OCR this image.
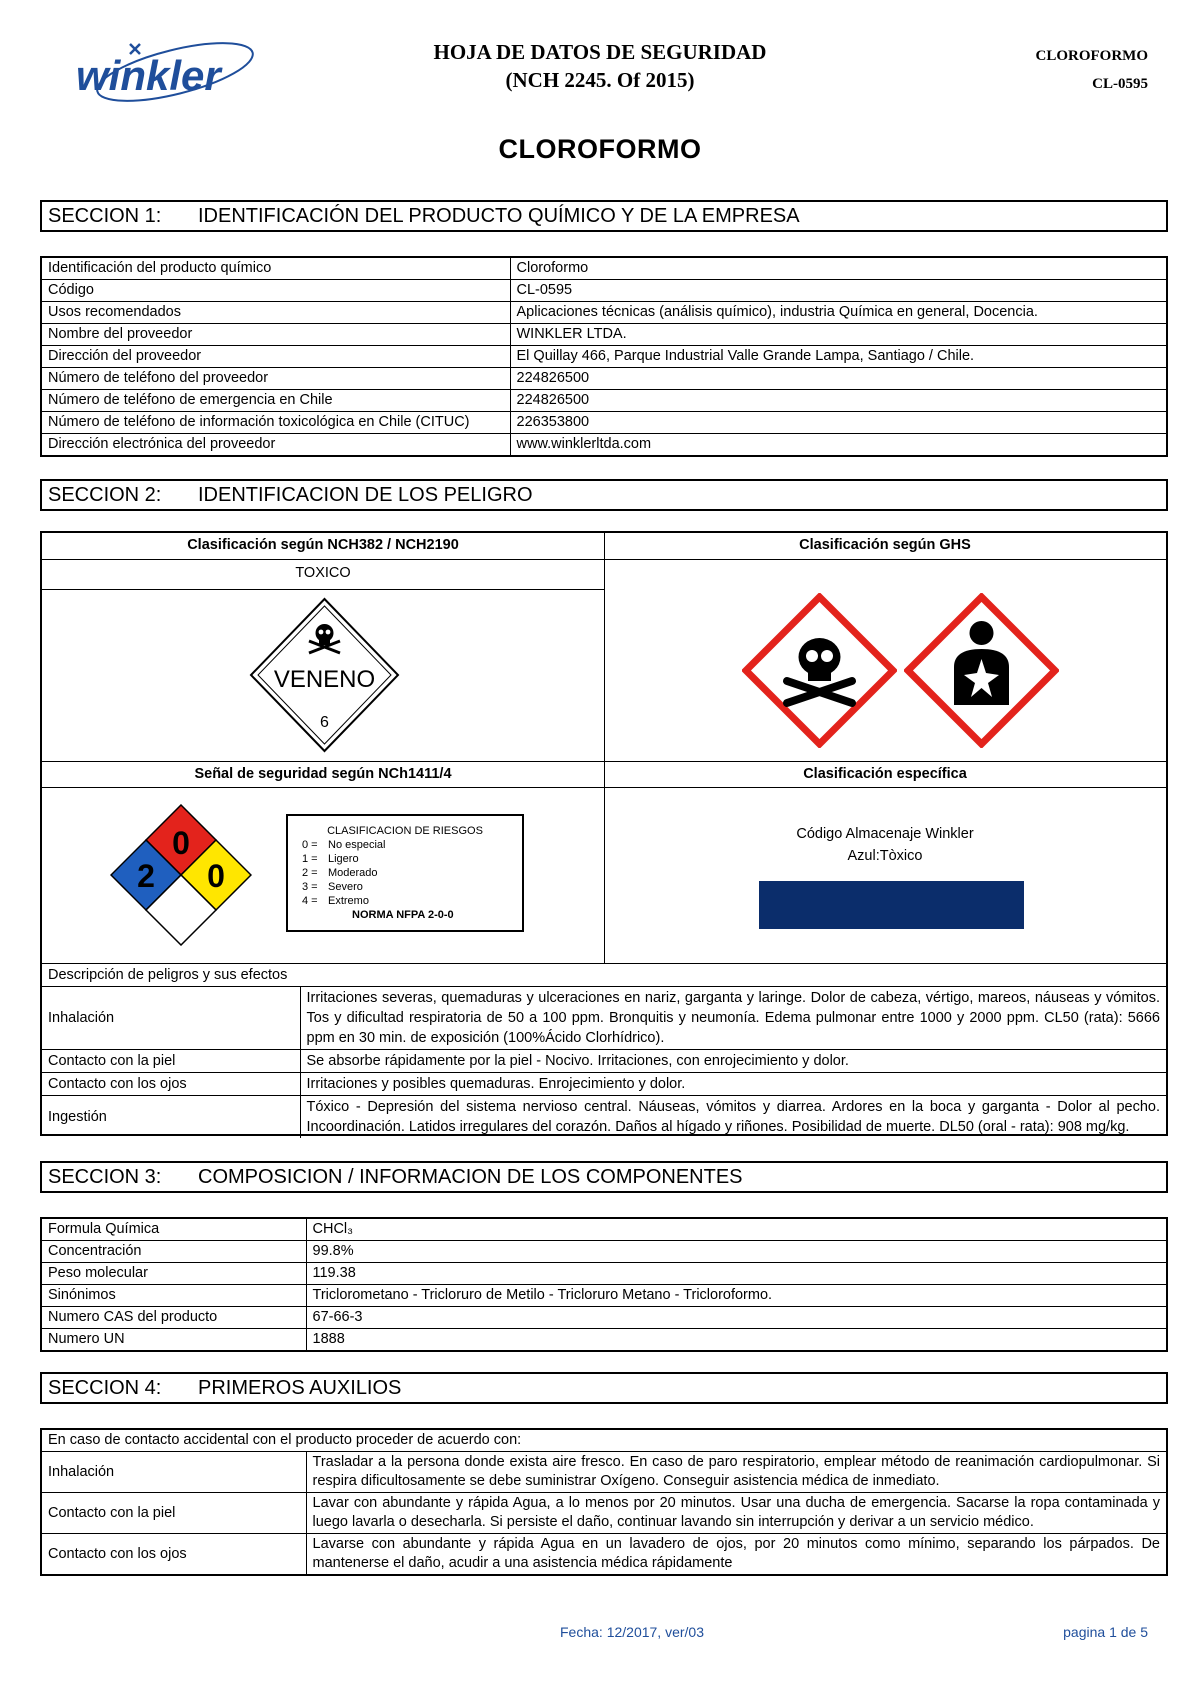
winkler	HOJA DE DATOS DE SEGURIDAD
(NCH 2245. Of 2015)
CLOROFORMO
CL-0595
CLOROFORMO
SECCION 1:	IDENTIFICACIÓN DEL PRODUCTO QUÍMICO Y DE LA EMPRESA
Identificación del producto químico	Cloroformo
Código	CL-0595
Usos recomendados	Aplicaciones técnicas (análisis químico), industria Química en general, Docencia.
Nombre del proveedor	WINKLER LTDA.
Dirección del proveedor	El Quillay 466, Parque Industrial Valle Grande Lampa, Santiago / Chile.
Número de teléfono del proveedor	224826500
Número de teléfono de emergencia en Chile	224826500
Número de teléfono de información toxicológica en Chile (CITUC)	226353800
Dirección electrónica del proveedor	www.winklerltda.com
SECCION 2:	IDENTIFICACION DE LOS PELIGRO
Clasificación según NCH382 / NCH2190
TOXICO
Clasificación según GHS
VENENO
6
Señal de seguridad según NCh1411/4	Clasificación específica
0
2 0
CLASIFICACION DE RIESGOS
0 = No especial
1 = Ligero
2 = Moderado
3 = Severo
4 = Extremo
NORMA NFPA 2-0-0
Código Almacenaje Winkler
Azul:Tòxico
Descripción de peligros y sus efectos	
Inhalación	Irritaciones severas, quemaduras y ulceraciones en nariz, garganta y laringe. Dolor de cabeza, vértigo, mareos, náuseas y vómitos. Tos y dificultad respiratoria de 50 a 100 ppm. Bronquitis y neumonía. Edema pulmonar entre 1000 y 2000 ppm. CL50 (rata): 5666 ppm en 30 min. de exposición (100%Ácido Clorhídrico).
Contacto con la piel	Se absorbe rápidamente por la piel - Nocivo. Irritaciones, con enrojecimiento y dolor.
Contacto con los ojos	Irritaciones y posibles quemaduras. Enrojecimiento y dolor.
Ingestión	Tóxico - Depresión del sistema nervioso central. Náuseas, vómitos y diarrea. Ardores en la boca y garganta - Dolor al pecho. Incoordinación. Latidos irregulares del corazón. Daños al hígado y riñones. Posibilidad de muerte. DL50 (oral - rata): 908 mg/kg.
SECCION 3:	COMPOSICION / INFORMACION DE LOS COMPONENTES
Formula Química	CHCl₃
Concentración	99.8%
Peso molecular	119.38
Sinónimos	Triclorometano - Tricloruro de Metilo - Tricloruro Metano - Tricloroformo.
Numero CAS del producto	67-66-3
Numero UN	1888
SECCION 4:	PRIMEROS AUXILIOS
En caso de contacto accidental con el producto proceder de acuerdo con:	
Inhalación	Trasladar a la persona donde exista aire fresco. En caso de paro respiratorio, emplear método de reanimación cardiopulmonar. Si respira dificultosamente se debe suministrar Oxígeno. Conseguir asistencia médica de inmediato.
Contacto con la piel	Lavar con abundante y rápida Agua, a lo menos por 20 minutos. Usar una ducha de emergencia. Sacarse la ropa contaminada y luego lavarla o desecharla. Si persiste el daño, continuar lavando sin interrupción y derivar a un servicio médico.
Contacto con los ojos	Lavarse con abundante y rápida Agua en un lavadero de ojos, por 20 minutos como mínimo, separando los párpados. De mantenerse el daño, acudir a una asistencia médica rápidamente
Fecha: 12/2017, ver/03	pagina 1 de 5
